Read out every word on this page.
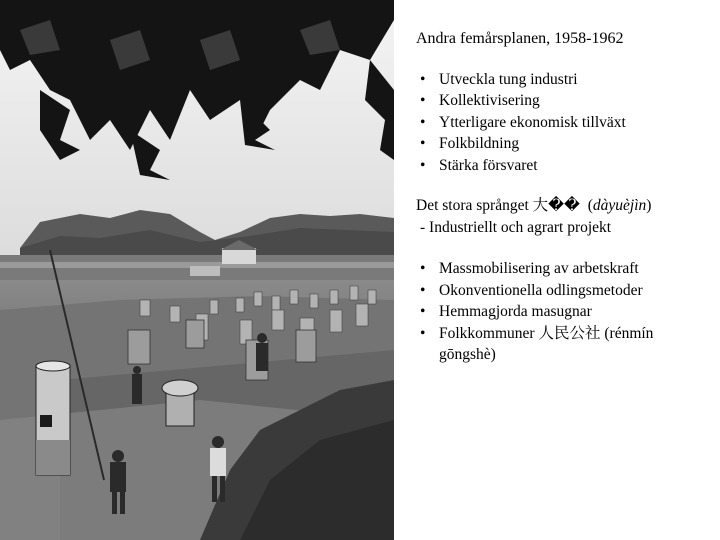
Andra femårsplanen, 1958-1962

• Utveckla tung industri
• Kollektivisering
• Ytterligare ekonomisk tillväxt
• Folkbildning
• Stärka försvaret

Det stora språnget 大�� (dàyuèjìn)

- Industriellt och agrart projekt

• Massmobilisering av arbetskraft
• Okonventionella odlingsmetoder
• Hemmagjorda masugnar
• Folkkommuner 人民公社 (rénmín
gōngshè)
